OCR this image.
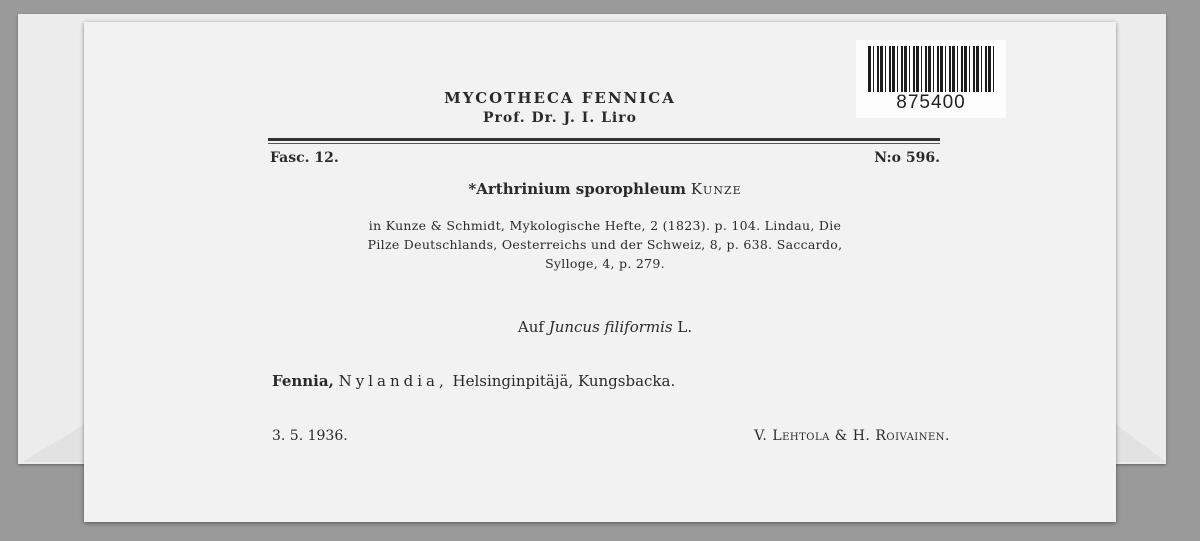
875400
MYCOTHECA FENNICA
Prof. Dr. J. I. Liro
Fasc. 12.	N:o 596.
*Arthrinium sporophleum Kunze
in Kunze & Schmidt, Mykologische Hefte, 2 (1823). p. 104. Lindau, Die
Pilze Deutschlands, Oesterreichs und der Schweiz, 8, p. 638. Saccardo,
Sylloge, 4, p. 279.
Auf Juncus filiformis L.
Fennia, Nylandia, Helsinginpitäjä, Kungsbacka.
3. 5. 1936.	V. Lehtola & H. Roivainen.
